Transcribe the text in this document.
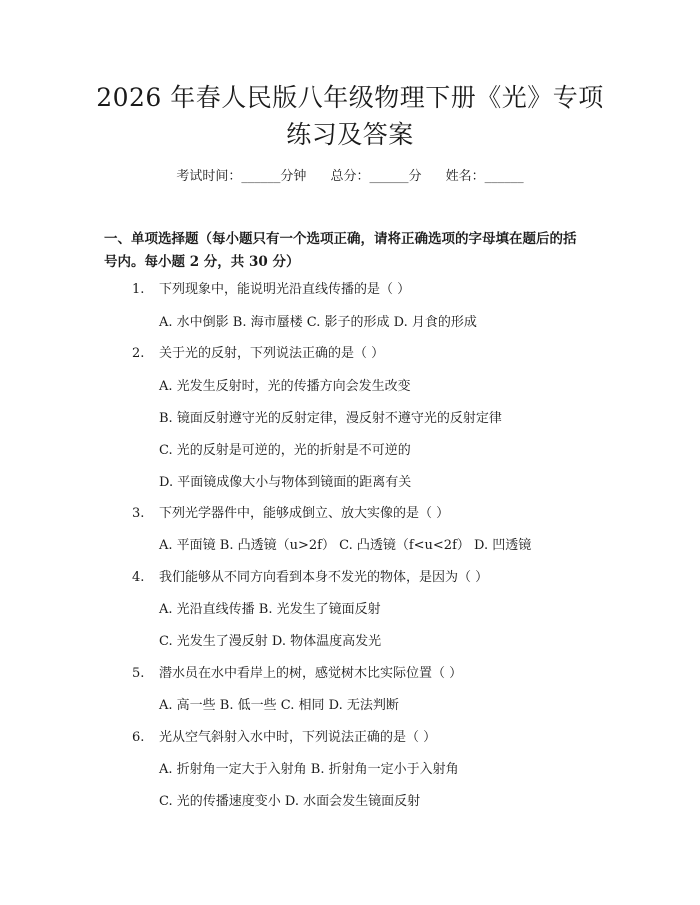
2026 年春人民版八年级物理下册《光》专项
练习及答案
考试时间：______分钟 总分：______分 姓名：______
一、单项选择题（每小题只有一个选项正确，请将正确选项的字母填在题后的括
号内。每小题 2 分，共 30 分）
1. 下列现象中，能说明光沿直线传播的是（ ）
A. 水中倒影 B. 海市蜃楼 C. 影子的形成 D. 月食的形成
2. 关于光的反射，下列说法正确的是（ ）
A. 光发生反射时，光的传播方向会发生改变
B. 镜面反射遵守光的反射定律，漫反射不遵守光的反射定律
C. 光的反射是可逆的，光的折射是不可逆的
D. 平面镜成像大小与物体到镜面的距离有关
3. 下列光学器件中，能够成倒立、放大实像的是（ ）
A. 平面镜 B. 凸透镜（u>2f） C. 凸透镜（f<u<2f） D. 凹透镜
4. 我们能够从不同方向看到本身不发光的物体，是因为（ ）
A. 光沿直线传播 B. 光发生了镜面反射
C. 光发生了漫反射 D. 物体温度高发光
5. 潜水员在水中看岸上的树，感觉树木比实际位置（ ）
A. 高一些 B. 低一些 C. 相同 D. 无法判断
6. 光从空气斜射入水中时，下列说法正确的是（ ）
A. 折射角一定大于入射角 B. 折射角一定小于入射角
C. 光的传播速度变小 D. 水面会发生镜面反射
